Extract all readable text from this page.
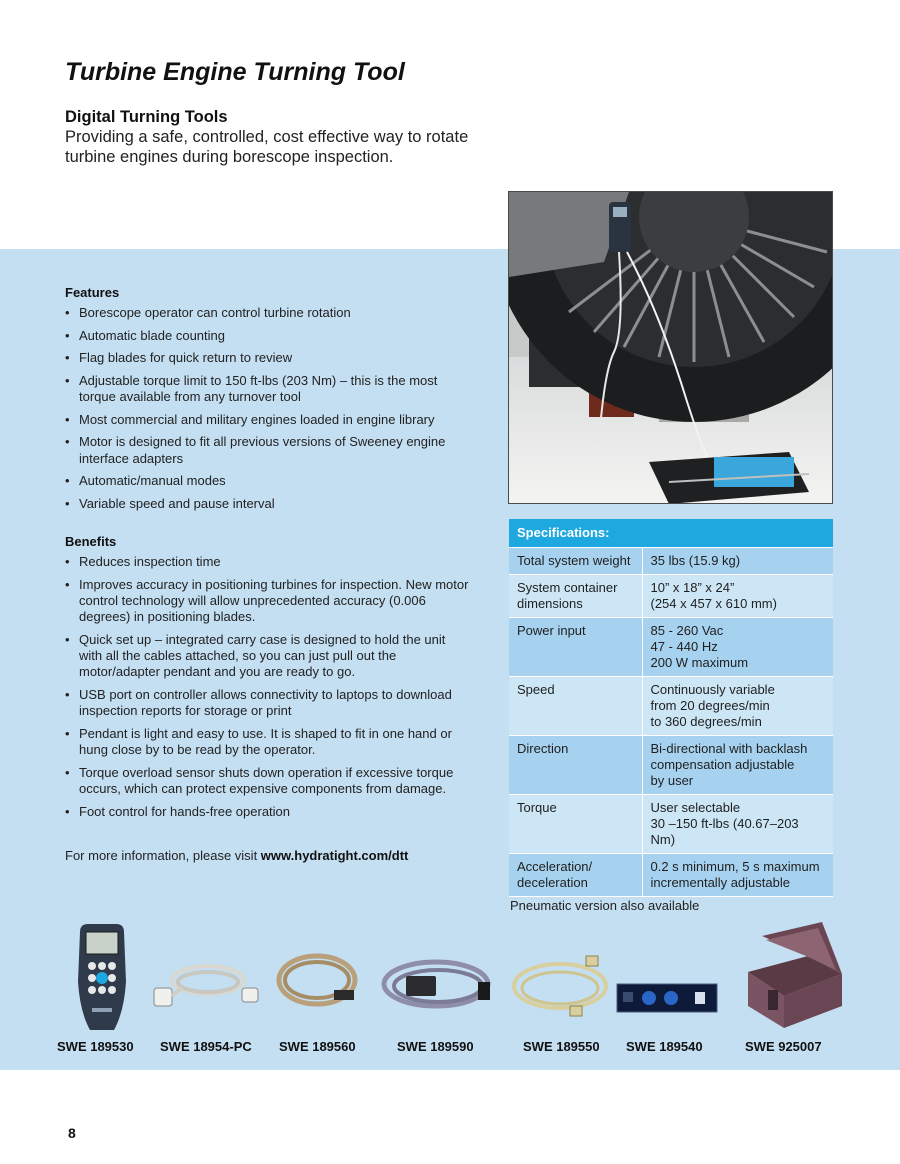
Turbine Engine Turning Tool
Digital Turning Tools

Providing a safe, controlled, cost effective way to rotate turbine engines during borescope inspection.

Features
• Borescope operator can control turbine rotation
• Automatic blade counting
• Flag blades for quick return to review
• Adjustable torque limit to 150 ft-lbs (203 Nm) – this is the most torque available from any turnover tool
• Most commercial and military engines loaded in engine library
• Motor is designed to fit all previous versions of Sweeney engine interface adapters
• Automatic/manual modes
• Variable speed and pause interval
Benefits
• Reduces inspection time
• Improves accuracy in positioning turbines for inspection. New motor control technology will allow unprecedented accuracy (0.006 degrees) in positioning blades.
• Quick set up – integrated carry case is designed to hold the unit with all the cables attached, so you can just pull out the motor/adapter pendant and you are ready to go.
• USB port on controller allows connectivity to laptops to download inspection reports for storage or print
• Pendant is light and easy to use. It is shaped to fit in one hand or hung close by to be read by the operator.
• Torque overload sensor shuts down operation if excessive torque occurs, which can protect expensive components from damage.
• Foot control for hands-free operation

For more information, please visit www.hydratight.com/dtt

Specifications:	
Total system weight	35 lbs (15.9 kg)
System container dimensions	10” x 18” x 24”
(254 x 457 x 610 mm)
Power input	85 - 260 Vac
47 - 440 Hz
200 W maximum
Speed	Continuously variable
from 20 degrees/min
to 360 degrees/min
Direction	Bi-directional with backlash compensation adjustable
by user
Torque	User selectable
30 –150 ft-lbs (40.67–203 Nm)
Acceleration/
deceleration	0.2 s minimum, 5 s maximum incrementally adjustable
Pneumatic version also available
SWE 189530 SWE 18954-PC SWE 189560	SWE 189590	SWE 189550 SWE 189540	SWE 925007
8
